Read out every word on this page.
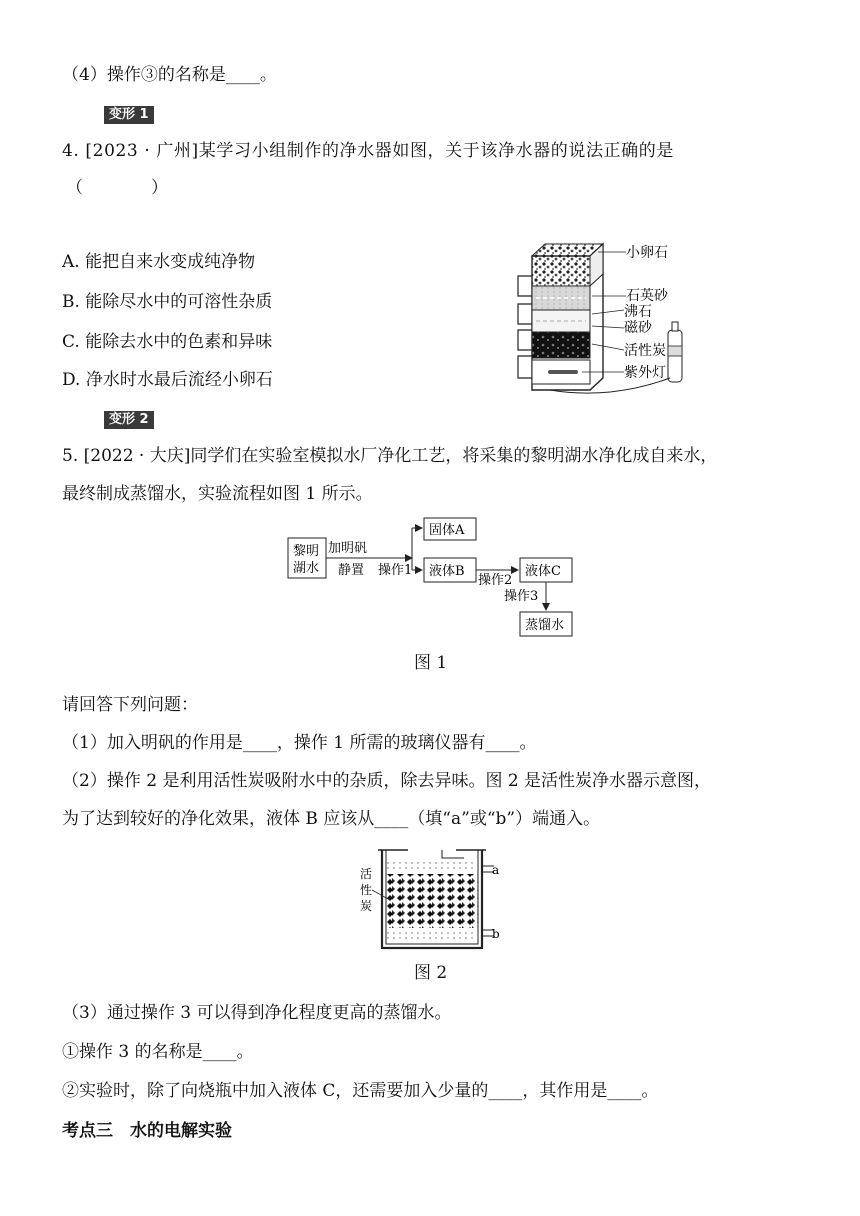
（4）操作③的名称是____。
变形 1
4. [2023 · 广州]某学习小组制作的净水器如图，关于该净水器的说法正确的是
（　　　　）
A. 能把自来水变成纯净物
B. 能除尽水中的可溶性杂质
C. 能除去水中的色素和异味
D. 净水时水最后流经小卵石
小卵石
石英砂
沸石
磁砂
活性炭
紫外灯
变形 2
5. [2022 · 大庆]同学们在实验室模拟水厂净化工艺，将采集的黎明湖水净化成自来水，
最终制成蒸馏水，实验流程如图 1 所示。
黎明
湖水
加明矾
静置 操作1
固体A
液体B
操作2
液体C
操作3
蒸馏水
图 1
请回答下列问题：
（1）加入明矾的作用是____，操作 1 所需的玻璃仪器有____。
（2）操作 2 是利用活性炭吸附水中的杂质，除去异味。图 2 是活性炭净水器示意图，
为了达到较好的净化效果，液体 B 应该从____（填“a”或“b”）端通入。
a
b
活
性
炭
图 2
（3）通过操作 3 可以得到净化程度更高的蒸馏水。
①操作 3 的名称是____。
②实验时，除了向烧瓶中加入液体 C，还需要加入少量的____，其作用是____。
考点三　水的电解实验
